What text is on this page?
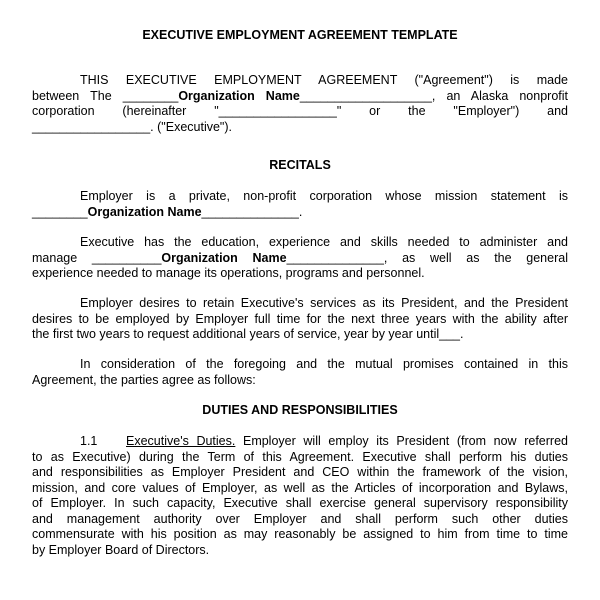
EXECUTIVE EMPLOYMENT AGREEMENT TEMPLATE
THIS EXECUTIVE EMPLOYMENT AGREEMENT ("Agreement") is made
between The ________Organization Name___________________, an Alaska nonprofit
corporation (hereinafter "_________________" or the "Employer") and
_________________. ("Executive").
RECITALS
Employer is a private, non-profit corporation whose mission statement is
________Organization Name______________.
Executive has the education, experience and skills needed to administer and
manage __________Organization Name______________, as well as the general
experience needed to manage its operations, programs and personnel.
Employer desires to retain Executive's services as its President, and the President
desires to be employed by Employer full time for the next three years with the ability after
the first two years to request additional years of service, year by year until___.
In consideration of the foregoing and the mutual promises contained in this
Agreement, the parties agree as follows:
DUTIES AND RESPONSIBILITIES
1.1 Executive's Duties. Employer will employ its President (from now referred
to as Executive) during the Term of this Agreement. Executive shall perform his duties
and responsibilities as Employer President and CEO within the framework of the vision,
mission, and core values of Employer, as well as the Articles of incorporation and Bylaws,
of Employer. In such capacity, Executive shall exercise general supervisory responsibility
and management authority over Employer and shall perform such other duties
commensurate with his position as may reasonably be assigned to him from time to time
by Employer Board of Directors.
